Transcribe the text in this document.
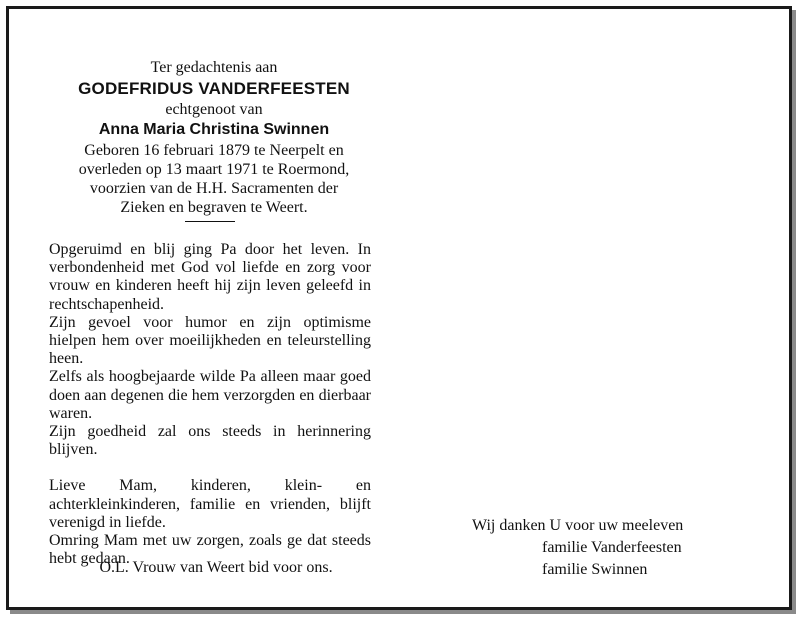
Ter gedachtenis aan
GODEFRIDUS VANDERFEESTEN
echtgenoot van
Anna Maria Christina Swinnen
Geboren 16 februari 1879 te Neerpelt en
overleden op 13 maart 1971 te Roermond,
voorzien van de H.H. Sacramenten der
Zieken en begraven te Weert.

Opgeruimd en blij ging Pa door het leven. In verbondenheid met God vol liefde en zorg voor vrouw en kinderen heeft hij zijn leven geleefd in rechtschapenheid.

Zijn gevoel voor humor en zijn optimisme hielpen hem over moeilijkheden en teleurstelling heen.

Zelfs als hoogbejaarde wilde Pa alleen maar goed doen aan degenen die hem verzorgden en dierbaar waren.

Zijn goedheid zal ons steeds in herinnering blijven.

Lieve Mam, kinderen, klein- en achterkleinkinderen, familie en vrienden, blijft verenigd in liefde.

Omring Mam met uw zorgen, zoals ge dat steeds hebt gedaan.

O.L. Vrouw van Weert bid voor ons.
Wij danken U voor uw meeleven
familie Vanderfeesten
familie Swinnen
